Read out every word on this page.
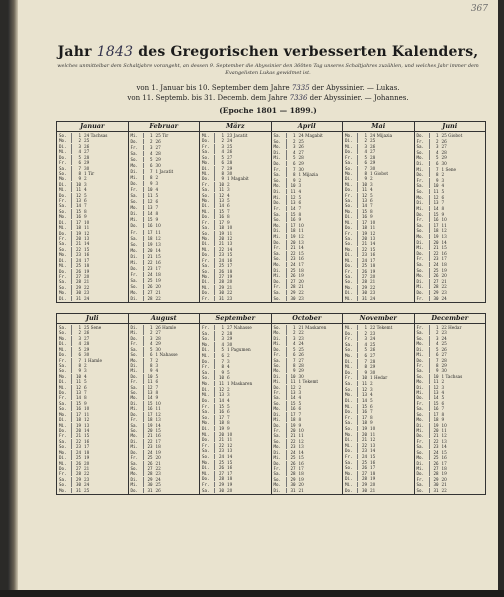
367
Jahr 1843 des Gregorischen verbesserten Kalenders,
welches unmittelbar dem Schaltjahre vorangeht, an dessen 9. September die Abyssinier den 360ten Tag unseres Schaltjahres zuzählen, und welches Jahr immer dem Evangelisten Lukas gewidmet ist.
von 1. Januar bis 10. September dem Jahre 7335 der Abyssinier. — Lukas.
von 11. Septemb. bis 31. Decemb. dem Jahre 7336 der Abyssinier. — Johannes.
(Epoche 1801 — 1899.)
Januar
So.	1 24 Tachsas
Mo.	2 25
Di.	3 26
Mi.	4 27
Do.	5 28
Fr.	6 29
Sa.	7 30
So.	8 1 Tir
Mo.	9 2
Di.	10 3
Mi.	11 4
Do.	12 5
Fr.	13 6
Sa.	14 7
So.	15 8
Mo.	16 9
Di.	17 10
Mi.	18 11
Do.	19 12
Fr.	20 13
Sa.	21 14
So.	22 15
Mo.	23 16
Di.	24 17
Mi.	25 18
Do.	26 19
Fr.	27 20
Sa.	28 21
So.	29 22
Mo.	30 23
Di.	31 24
Februar
Mi.	1 25 Tir
Do.	2 26
Fr.	3 27
Sa.	4 28
So.	5 29
Mo.	6 30
Di.	7 1 Jacatit
Mi.	8 2
Do.	9 3
Fr.	10 4
Sa.	11 5
So.	12 6
Mo.	13 7
Di.	14 8
Mi.	15 9
Do.	16 10
Fr.	17 11
Sa.	18 12
So.	19 13
Mo.	20 14
Di.	21 15
Mi.	22 16
Do.	23 17
Fr.	24 18
Sa.	25 19
So.	26 20
Mo.	27 21
Di.	28 22
März
Mi.	1 23 Jacatit
Do.	2 24
Fr.	3 25
Sa.	4 26
So.	5 27
Mo.	6 28
Di.	7 29
Mi.	8 30
Do.	9 1 Magabit
Fr.	10 2
Sa.	11 3
So.	12 4
Mo.	13 5
Di.	14 6
Mi.	15 7
Do.	16 8
Fr.	17 9
Sa.	18 10
So.	19 11
Mo.	20 12
Di.	21 13
Mi.	22 14
Do.	23 15
Fr.	24 16
Sa.	25 17
So.	26 18
Mo.	27 19
Di.	28 20
Mi.	29 21
Do.	30 22
Fr.	31 23
April
Sa.	1 24 Magabit
So.	2 25
Mo.	3 26
Di.	4 27
Mi.	5 28
Do.	6 29
Fr.	7 30
Sa.	8 1 Mijazia
So.	9 2
Mo.	10 3
Di.	11 4
Mi.	12 5
Do.	13 6
Fr.	14 7
Sa.	15 8
So.	16 9
Mo.	17 10
Di.	18 11
Mi.	19 12
Do.	20 13
Fr.	21 14
Sa.	22 15
So.	23 16
Mo.	24 17
Di.	25 18
Mi.	26 19
Do.	27 20
Fr.	28 21
Sa.	29 22
So.	30 23
Mai
Mo.	1 24 Mijazia
Di.	2 25
Mi.	3 26
Do.	4 27
Fr.	5 28
Sa.	6 29
So.	7 30
Mo.	8 1 Giobot
Di.	9 2
Mi.	10 3
Do.	11 4
Fr.	12 5
Sa.	13 6
So.	14 7
Mo.	15 8
Di.	16 9
Mi.	17 10
Do.	18 11
Fr.	19 12
Sa.	20 13
So.	21 14
Mo.	22 15
Di.	23 16
Mi.	24 17
Do.	25 18
Fr.	26 19
Sa.	27 20
So.	28 21
Mo.	29 22
Di.	30 23
Mi.	31 24
Juni
Do.	1 25 Giobot
Fr.	2 26
Sa.	3 27
So.	4 28
Mo.	5 29
Di.	6 30
Mi.	7 1 Sene
Do.	8 2
Fr.	9 3
Sa.	10 4
So.	11 5
Mo.	12 6
Di.	13 7
Mi.	14 8
Do.	15 9
Fr.	16 10
Sa.	17 11
So.	18 12
Mo.	19 13
Di.	20 14
Mi.	21 15
Do.	22 16
Fr.	23 17
Sa.	24 18
So.	25 19
Mo.	26 20
Di.	27 21
Mi.	28 22
Do.	29 23
Fr.	30 24
Juli
Sa.	1 25 Sene
So.	2 26
Mo.	3 27
Di.	4 28
Mi.	5 29
Do.	6 30
Fr.	7 1 Hamle
Sa.	8 2
So.	9 3
Mo.	10 4
Di.	11 5
Mi.	12 6
Do.	13 7
Fr.	14 8
Sa.	15 9
So.	16 10
Mo.	17 11
Di.	18 12
Mi.	19 13
Do.	20 14
Fr.	21 15
Sa.	22 16
So.	23 17
Mo.	24 18
Di.	25 19
Mi.	26 20
Do.	27 21
Fr.	28 22
Sa.	29 23
So.	30 24
Mo.	31 25
August
Di.	1 26 Hamle
Mi.	2 27
Do.	3 28
Fr.	4 29
Sa.	5 30
So.	6 1 Nahasse
Mo.	7 2
Di.	8 3
Mi.	9 4
Do.	10 5
Fr.	11 6
Sa.	12 7
So.	13 8
Mo.	14 9
Di.	15 10
Mi.	16 11
Do.	17 12
Fr.	18 13
Sa.	19 14
So.	20 15
Mo.	21 16
Di.	22 17
Mi.	23 18
Do.	24 19
Fr.	25 20
Sa.	26 21
So.	27 22
Mo.	28 23
Di.	29 24
Mi.	30 25
Do.	31 26
September
Fr.	1 27 Nahasse
Sa.	2 28
So.	3 29
Mo.	4 30
Di.	5 1 Pagumen
Mi.	6 2
Do.	7 3
Fr.	8 4
Sa.	9 5
So.	10 6
Mo.	11 1 Maskaren
Di.	12 2
Mi.	13 3
Do.	14 4
Fr.	15 5
Sa.	16 6
So.	17 7
Mo.	18 8
Di.	19 9
Mi.	20 10
Do.	21 11
Fr.	22 12
Sa.	23 13
So.	24 14
Mo.	25 15
Di.	26 16
Mi.	27 17
Do.	28 18
Fr.	29 19
Sa.	30 20
October
So.	1 21 Maskaren
Mo.	2 22
Di.	3 23
Mi.	4 24
Do.	5 25
Fr.	6 26
Sa.	7 27
So.	8 28
Mo.	9 29
Di.	10 30
Mi.	11 1 Tekemt
Do.	12 2
Fr.	13 3
Sa.	14 4
So.	15 5
Mo.	16 6
Di.	17 7
Mi.	18 8
Do.	19 9
Fr.	20 10
Sa.	21 11
So.	22 12
Mo.	23 13
Di.	24 14
Mi.	25 15
Do.	26 16
Fr.	27 17
Sa.	28 18
So.	29 19
Mo.	30 20
Di.	31 21
November
Mi.	1 22 Tekemt
Do.	2 23
Fr.	3 24
Sa.	4 25
So.	5 26
Mo.	6 27
Di.	7 28
Mi.	8 29
Do.	9 30
Fr.	10 1 Hedar
Sa.	11 2
So.	12 3
Mo.	13 4
Di.	14 5
Mi.	15 6
Do.	16 7
Fr.	17 8
Sa.	18 9
So.	19 10
Mo.	20 11
Di.	21 12
Mi.	22 13
Do.	23 14
Fr.	24 15
Sa.	25 16
So.	26 17
Mo.	27 18
Di.	28 19
Mi.	29 20
Do.	30 21
December
Fr.	1 22 Hedar
Sa.	2 23
So.	3 24
Mo.	4 25
Di.	5 26
Mi.	6 27
Do.	7 28
Fr.	8 29
Sa.	9 30
So.	10 1 Tachsas
Mo.	11 2
Di.	12 3
Mi.	13 4
Do.	14 5
Fr.	15 6
Sa.	16 7
So.	17 8
Mo.	18 9
Di.	19 10
Mi.	20 11
Do.	21 12
Fr.	22 13
Sa.	23 14
So.	24 15
Mo.	25 16
Di.	26 17
Mi.	27 18
Do.	28 19
Fr.	29 20
Sa.	30 21
So.	31 22
